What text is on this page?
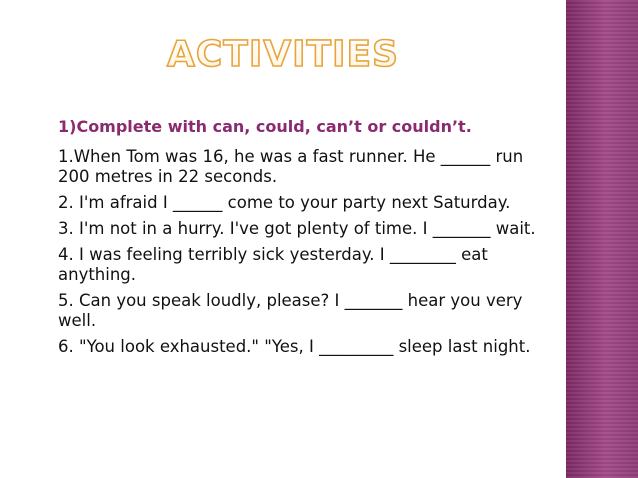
ACTIVITIES
1)Complete with can, could, can’t or couldn’t.
1.When Tom was 16, he was a fast runner. He ______ run 200 metres in 22 seconds.
2. I'm afraid I ______ come to your party next Saturday.
3. I'm not in a hurry. I've got plenty of time. I _______ wait.
4. I was feeling terribly sick yesterday. I ________ eat anything.
5. Can you speak loudly, please? I _______ hear you very well.
6. "You look exhausted." "Yes, I _________ sleep last night.
